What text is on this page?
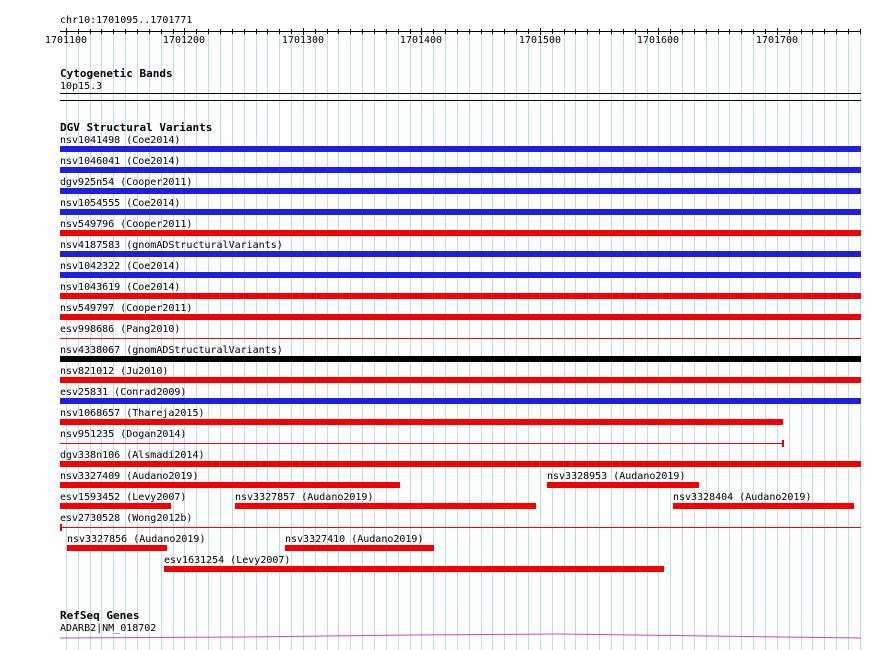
chr10:1701095..1701771
1701100	1701200	1701300	1701400	1701500	1701600	1701700
Cytogenetic Bands
10p15.3
DGV Structural Variants
nsv1041498 (Coe2014)
nsv1046041 (Coe2014)
dgv925n54 (Cooper2011)
nsv1054555 (Coe2014)
nsv549796 (Cooper2011)
nsv4187583 (gnomADStructuralVariants)
nsv1042322 (Coe2014)
nsv1043619 (Coe2014)
nsv549797 (Cooper2011)
esv998686 (Pang2010)
nsv4338067 (gnomADStructuralVariants)
nsv821012 (Ju2010)
esv25831 (Conrad2009)
nsv1068657 (Thareja2015)
nsv951235 (Dogan2014)
dgv338n106 (Alsmadi2014)
nsv3327409 (Audano2019)	nsv3328953 (Audano2019)
esv1593452 (Levy2007)	nsv3327857 (Audano2019)	nsv3328404 (Audano2019)
esv2730528 (Wong2012b)
nsv3327856 (Audano2019)	nsv3327410 (Audano2019)
esv1631254 (Levy2007)
RefSeq Genes
ADARB2|NM_018702
